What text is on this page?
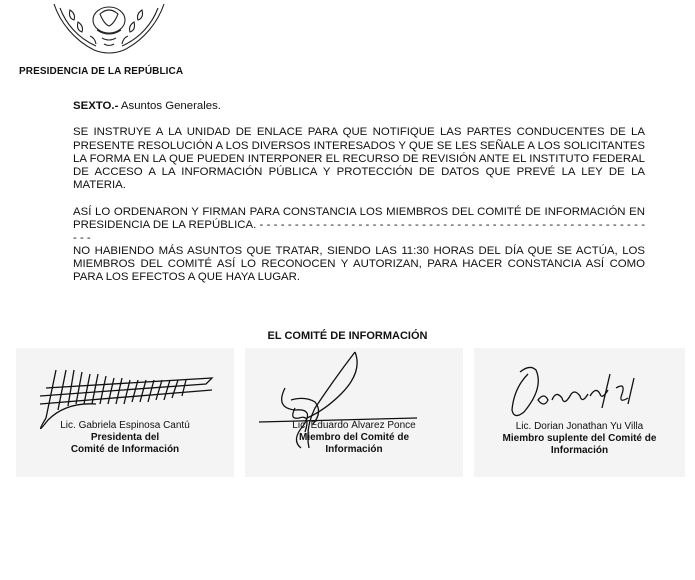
PRESIDENCIA DE LA REPÚBLICA

SEXTO.- Asuntos Generales.

SE INSTRUYE A LA UNIDAD DE ENLACE PARA QUE NOTIFIQUE LAS PARTES CONDUCENTES DE LA PRESENTE RESOLUCIÓN A LOS DIVERSOS INTERESADOS Y QUE SE LES SEÑALE A LOS SOLICITANTES LA FORMA EN LA QUE PUEDEN INTERPONER EL RECURSO DE REVISIÓN ANTE EL INSTITUTO FEDERAL DE ACCESO A LA INFORMACIÓN PÚBLICA Y PROTECCIÓN DE DATOS QUE PREVÉ LA LEY DE LA MATERIA.

ASÍ LO ORDENARON Y FIRMAN PARA CONSTANCIA LOS MIEMBROS DEL COMITÉ DE INFORMACIÓN EN PRESIDENCIA DE LA REPÚBLICA. - - - - - - - - - - - - - - - - - - - - - - - - - - - - - - - - - - - - - - - - - - - - - - - - - - - - - - - - - -

NO HABIENDO MÁS ASUNTOS QUE TRATAR, SIENDO LAS 11:30 HORAS DEL DÍA QUE SE ACTÚA, LOS MIEMBROS DEL COMITÉ ASÍ LO RECONOCEN Y AUTORIZAN, PARA HACER CONSTANCIA ASÍ COMO PARA LOS EFECTOS A QUE HAYA LUGAR.

EL COMITÉ DE INFORMACIÓN
Lic. Gabriela Espinosa Cantú
Presidenta del
Comité de Información
Lic. Eduardo Álvarez Ponce
Miembro del Comité de
Información
Lic. Dorian Jonathan Yu Villa
Miembro suplente del Comité de
Información
